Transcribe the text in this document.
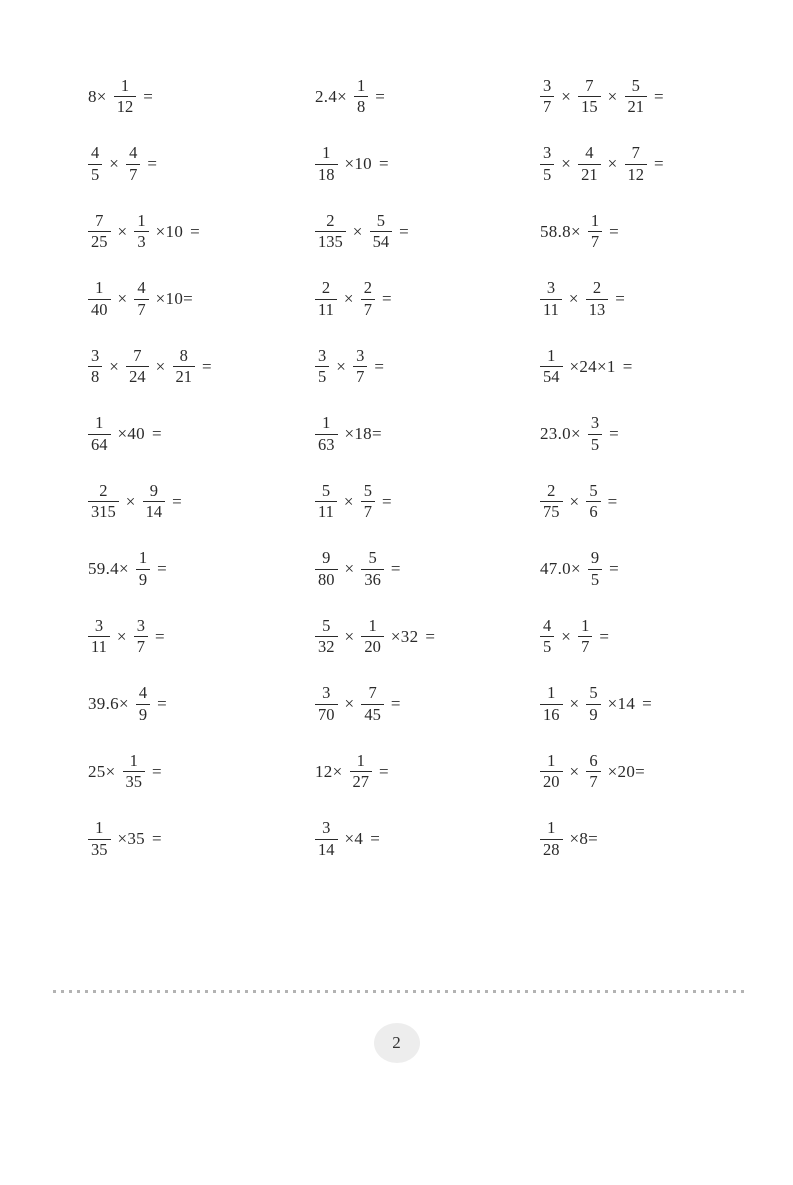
$8\times \frac{1}{12}$ =	$2.4\times \frac{1}{8}$ =	$\frac{3}{7} \times \frac{7}{15} \times \frac{5}{21}$ =
$\frac{4}{5} \times \frac{4}{7}$ =	$\frac{1}{18} \times 10$ =	$\frac{3}{5} \times \frac{4}{21} \times \frac{7}{12}$ =
$\frac{7}{25} \times \frac{1}{3} \times 10$ =	$\frac{2}{135} \times \frac{5}{54}$ =	$58.8\times \frac{1}{7}$ =
$\frac{1}{40} \times \frac{4}{7} \times 10=$	$\frac{2}{11} \times \frac{2}{7}$ =	$\frac{3}{11} \times \frac{2}{13}$ =
$\frac{3}{8} \times \frac{7}{24} \times \frac{8}{21}$ =	$\frac{3}{5} \times \frac{3}{7}$ =	$\frac{1}{54} \times 24\times 1$ =
$\frac{1}{64} \times 40$ =	$\frac{1}{63} \times 18=$	$23.0\times \frac{3}{5}$ =
$\frac{2}{315} \times \frac{9}{14}$ =	$\frac{5}{11} \times \frac{5}{7}$ =	$\frac{2}{75} \times \frac{5}{6}$ =
$59.4\times \frac{1}{9}$ =	$\frac{9}{80} \times \frac{5}{36}$ =	$47.0\times \frac{9}{5}$ =
$\frac{3}{11} \times \frac{3}{7}$ =	$\frac{5}{32} \times \frac{1}{20} \times 32$ =	$\frac{4}{5} \times \frac{1}{7}$ =
$39.6\times \frac{4}{9}$ =	$\frac{3}{70} \times \frac{7}{45}$ =	$\frac{1}{16} \times \frac{5}{9} \times 14$ =
$25\times \frac{1}{35}$ =	$12\times \frac{1}{27}$ =	$\frac{1}{20} \times \frac{6}{7} \times 20=$
$\frac{1}{35} \times 35$ =	$\frac{3}{14} \times 4$ =	$\frac{1}{28} \times 8=$
2
